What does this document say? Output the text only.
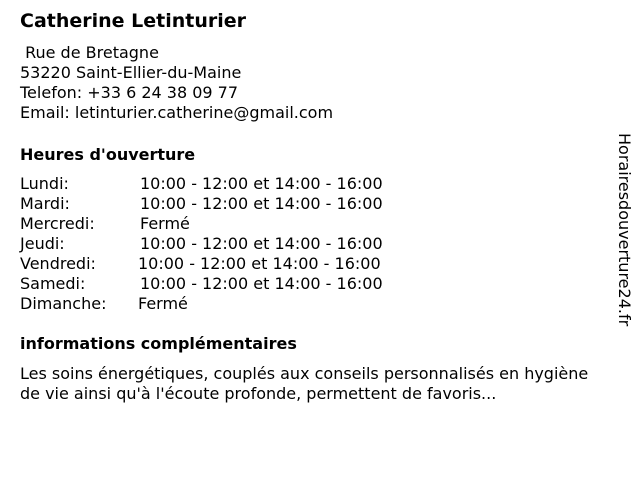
Catherine Letinturier
Rue de Bretagne
53220 Saint-Ellier-du-Maine
Telefon: +33 6 24 38 09 77
Email: letinturier.catherine@gmail.com
Heures d'ouverture
Lundi:	10:00 - 12:00 et 14:00 - 16:00
Mardi:	10:00 - 12:00 et 14:00 - 16:00
Mercredi:	Fermé
Jeudi:	10:00 - 12:00 et 14:00 - 16:00
Vendredi:	10:00 - 12:00 et 14:00 - 16:00
Samedi:	10:00 - 12:00 et 14:00 - 16:00
Dimanche: Fermé
informations complémentaires
Les soins énergétiques, couplés aux conseils personnalisés en hygiène de vie ainsi qu'à l'écoute profonde, permettent de favoris...
Horairesdouverture24.fr
